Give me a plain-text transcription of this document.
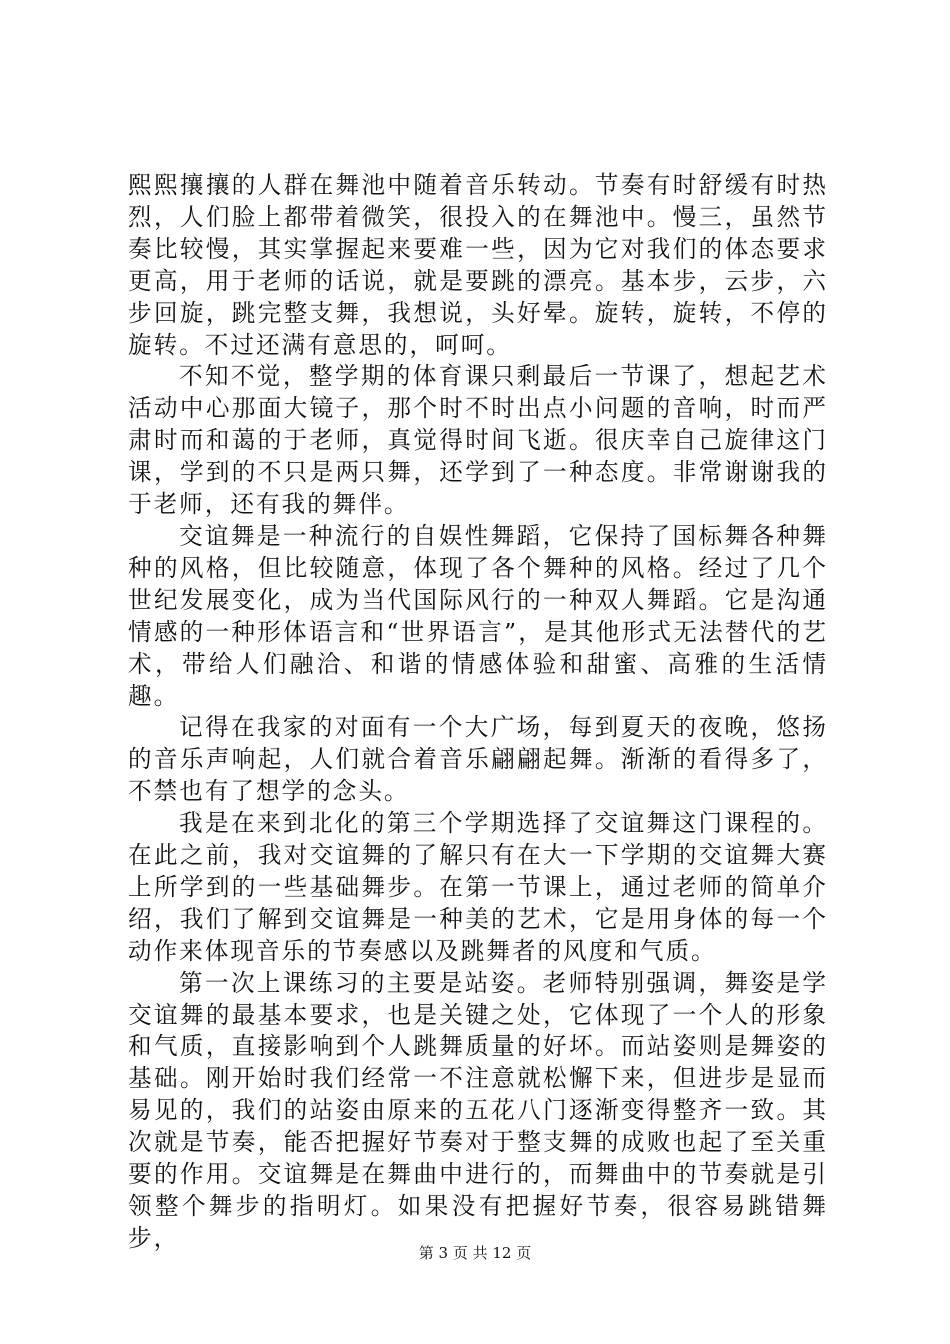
熙熙攘攘的人群在舞池中随着音乐转动。节奏有时舒缓有时热烈，人们脸上都带着微笑，很投入的在舞池中。慢三，虽然节奏比较慢，其实掌握起来要难一些，因为它对我们的体态要求更高，用于老师的话说，就是要跳的漂亮。基本步，云步，六步回旋，跳完整支舞，我想说，头好晕。旋转，旋转，不停的旋转。不过还满有意思的，呵呵。

不知不觉，整学期的体育课只剩最后一节课了，想起艺术活动中心那面大镜子，那个时不时出点小问题的音响，时而严肃时而和蔼的于老师，真觉得时间飞逝。很庆幸自己旋律这门课，学到的不只是两只舞，还学到了一种态度。非常谢谢我的于老师，还有我的舞伴。

交谊舞是一种流行的自娱性舞蹈，它保持了国标舞各种舞种的风格，但比较随意，体现了各个舞种的风格。经过了几个世纪发展变化，成为当代国际风行的一种双人舞蹈。它是沟通情感的一种形体语言和“世界语言”，是其他形式无法替代的艺术，带给人们融洽、和谐的情感体验和甜蜜、高雅的生活情趣。

记得在我家的对面有一个大广场，每到夏天的夜晚，悠扬的音乐声响起，人们就合着音乐翩翩起舞。渐渐的看得多了，不禁也有了想学的念头。

我是在来到北化的第三个学期选择了交谊舞这门课程的。在此之前，我对交谊舞的了解只有在大一下学期的交谊舞大赛上所学到的一些基础舞步。在第一节课上，通过老师的简单介绍，我们了解到交谊舞是一种美的艺术，它是用身体的每一个动作来体现音乐的节奏感以及跳舞者的风度和气质。

第一次上课练习的主要是站姿。老师特别强调，舞姿是学交谊舞的最基本要求，也是关键之处，它体现了一个人的形象和气质，直接影响到个人跳舞质量的好坏。而站姿则是舞姿的基础。刚开始时我们经常一不注意就松懈下来，但进步是显而易见的，我们的站姿由原来的五花八门逐渐变得整齐一致。其次就是节奏，能否把握好节奏对于整支舞的成败也起了至关重要的作用。交谊舞是在舞曲中进行的，而舞曲中的节奏就是引领整个舞步的指明灯。如果没有把握好节奏，很容易跳错舞步，

第 3 页 共 12 页
